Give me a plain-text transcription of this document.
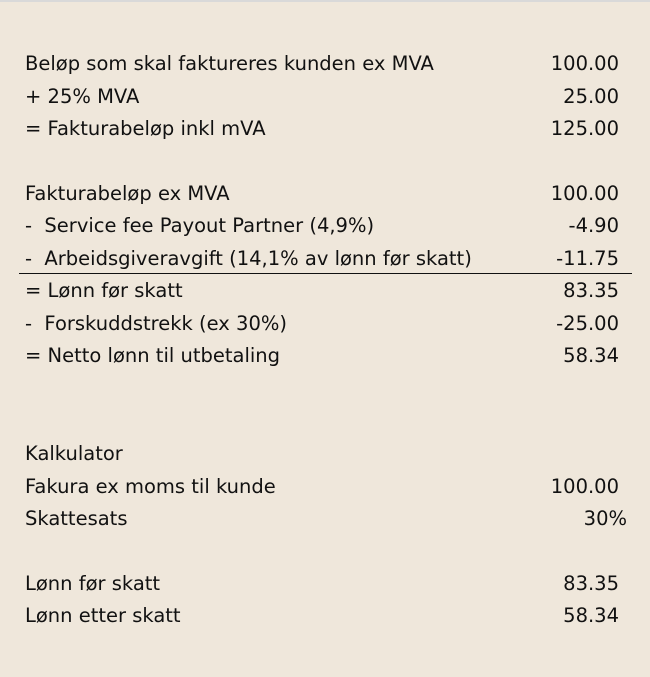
Beløp som skal faktureres kunden ex MVA	100.00
+ 25% MVA	25.00
= Fakturabeløp inkl mVA	125.00
Fakturabeløp ex MVA	100.00
-  Service fee Payout Partner (4,9%)	-4.90
-  Arbeidsgiveravgift (14,1% av lønn før skatt)	-11.75
= Lønn før skatt	83.35
-  Forskuddstrekk (ex 30%)	-25.00
= Netto lønn til utbetaling	58.34
Kalkulator
Fakura ex moms til kunde	100.00
Skattesats	30%
Lønn før skatt	83.35
Lønn etter skatt	58.34
